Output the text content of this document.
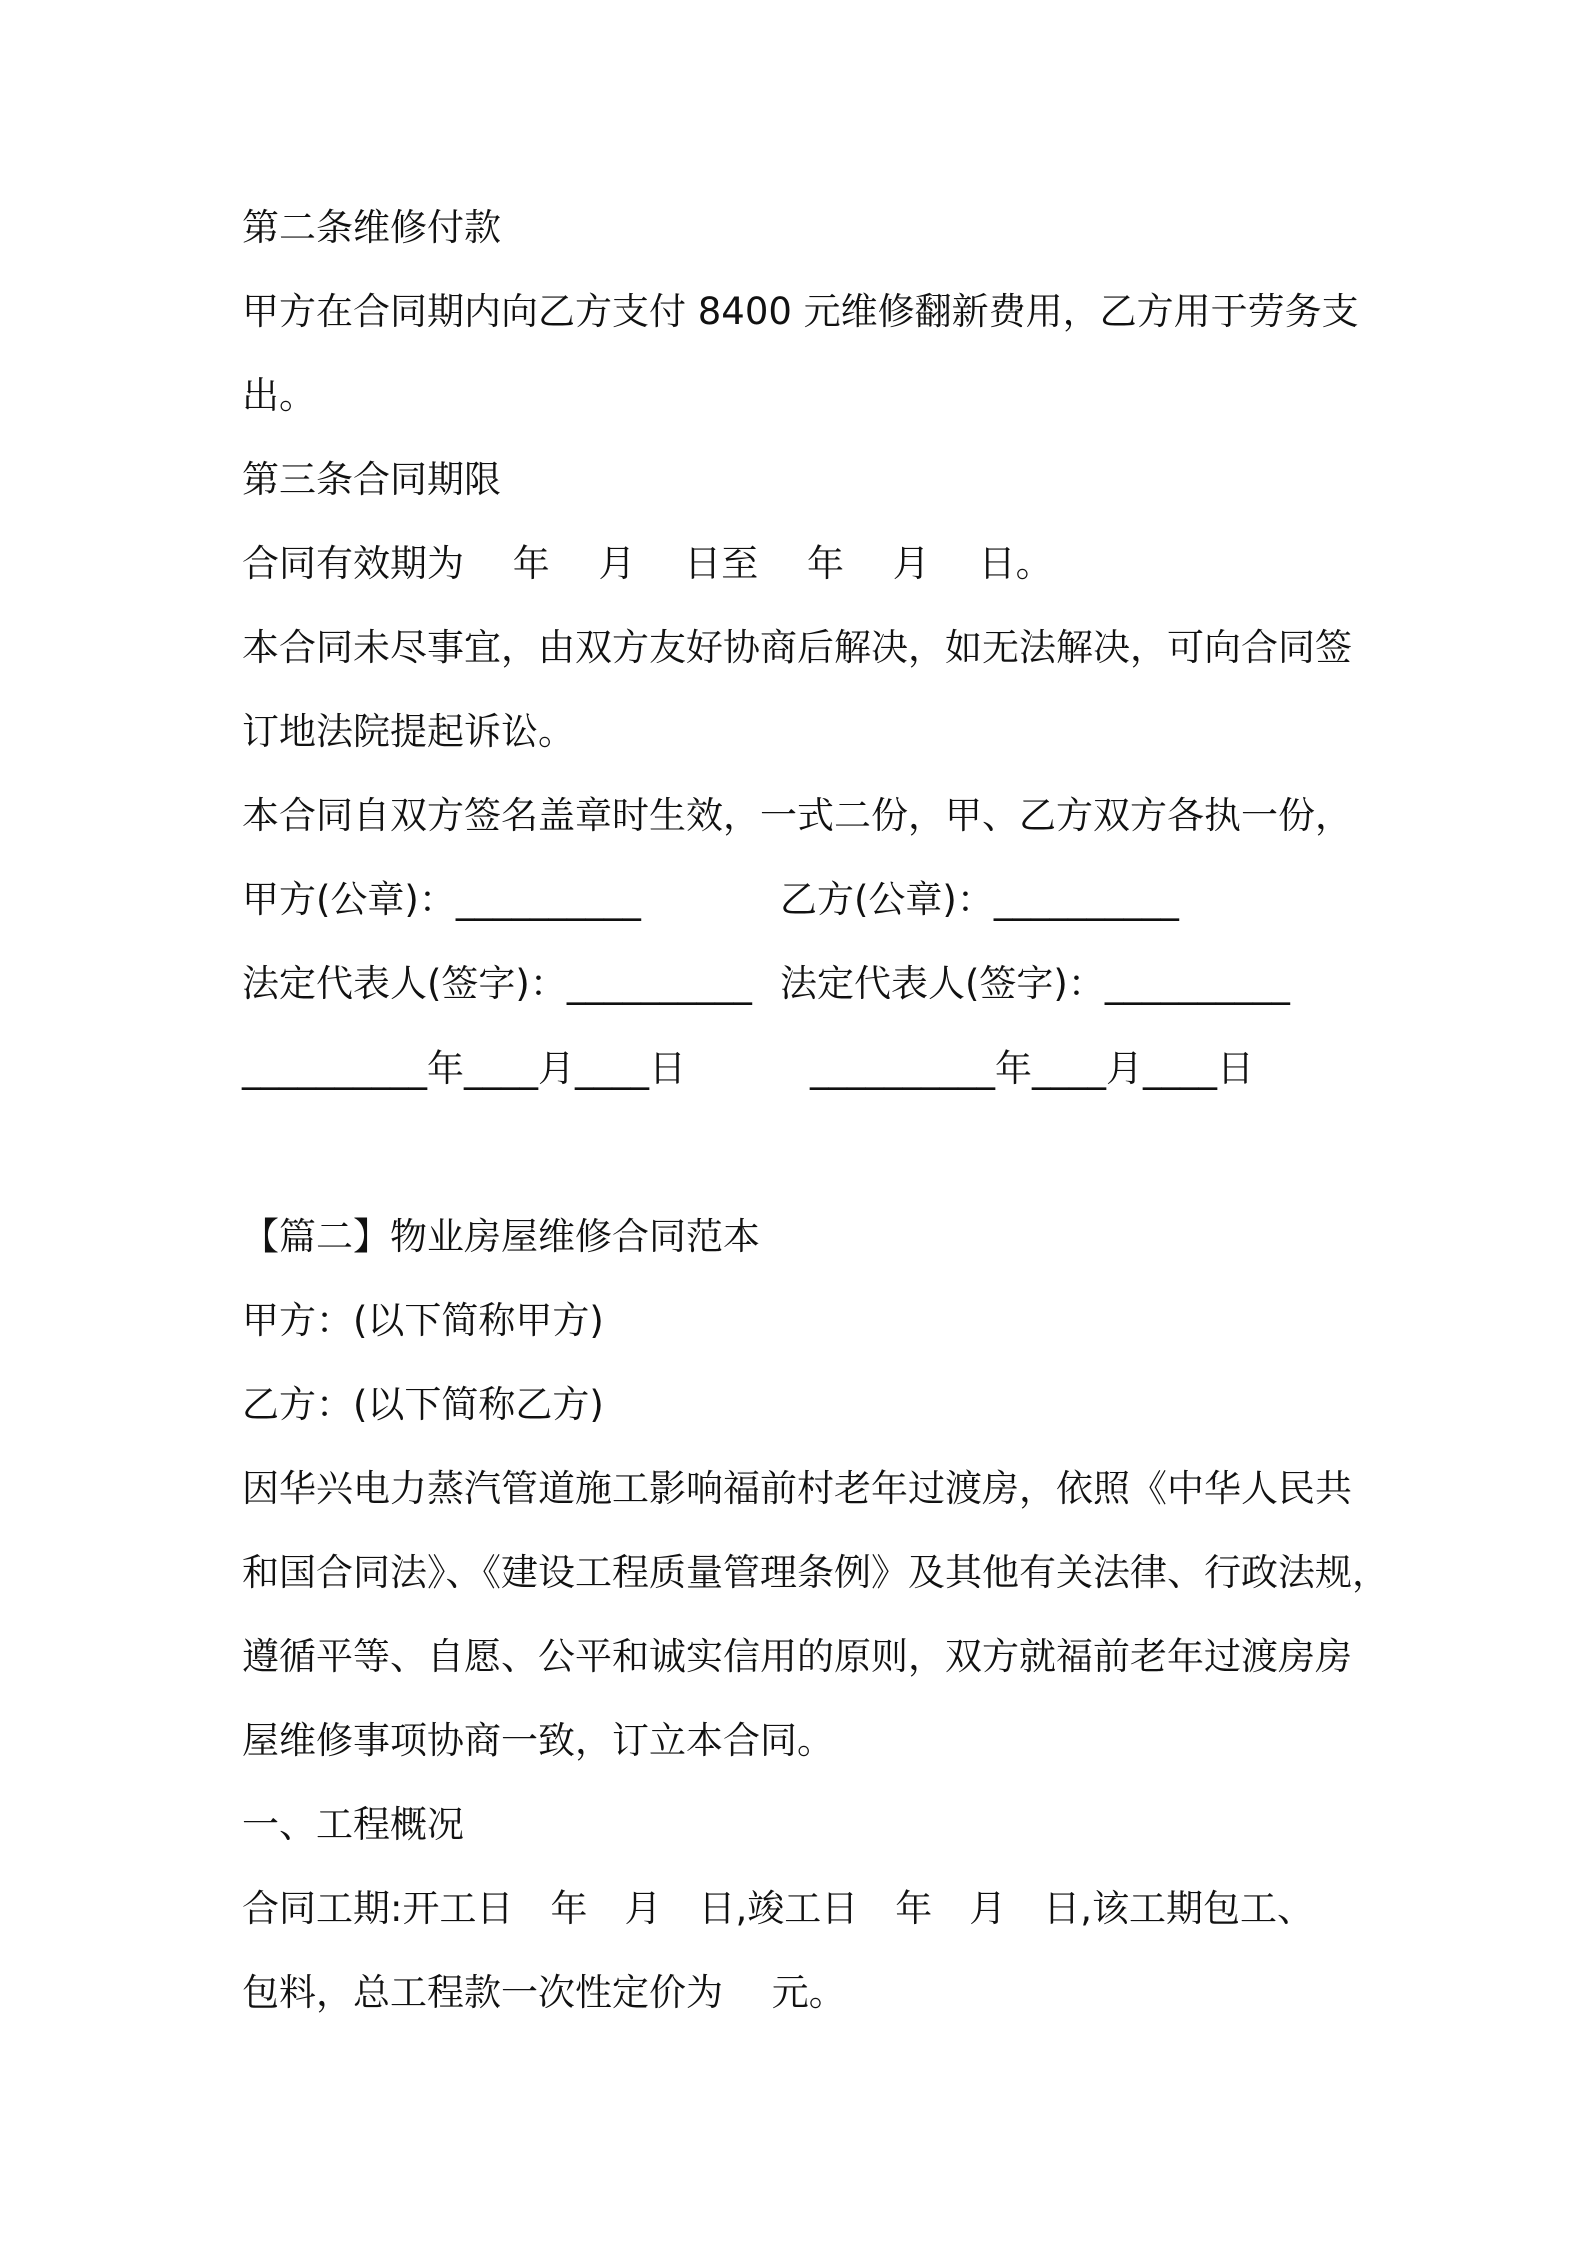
第二条维修付款
甲方在合同期内向乙方支付 8400 元维修翻新费用，乙方用于劳务支
出。
第三条合同期限
合同有效期为　 年　 月　 日至　 年　 月　 日。
本合同未尽事宜，由双方友好协商后解决，如无法解决，可向合同签
订地法院提起诉讼。
本合同自双方签名盖章时生效，一式二份，甲、乙方双方各执一份，
甲方(公章)：__________	乙方(公章)：__________
法定代表人(签字)：__________ 法定代表人(签字)：__________
__________年____月____日	__________年____月____日
【篇二】物业房屋维修合同范本
甲方：(以下简称甲方)
乙方：(以下简称乙方)
因华兴电力蒸汽管道施工影响福前村老年过渡房，依照《中华人民共
和国合同法》、《建设工程质量管理条例》及其他有关法律、行政法规，
遵循平等、自愿、公平和诚实信用的原则，双方就福前老年过渡房房
屋维修事项协商一致，订立本合同。
一、工程概况
合同工期:开工日　年　月　日,竣工日　年　月　日,该工期包工、
包料，总工程款一次性定价为　 元。
